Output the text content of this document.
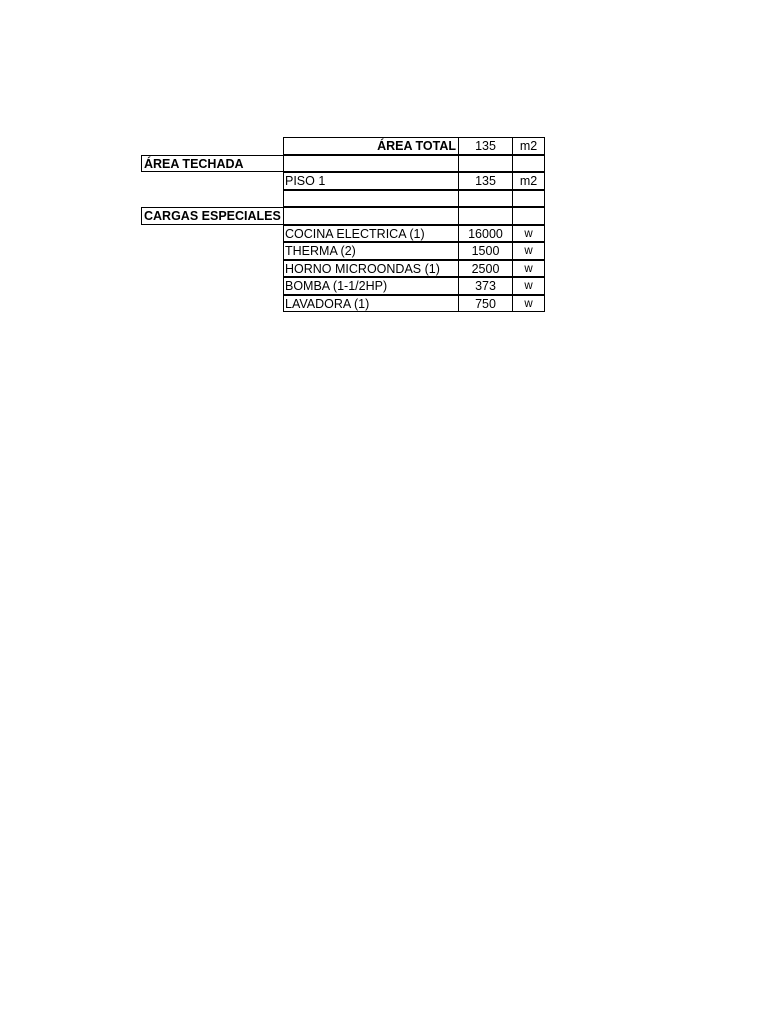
ÁREA TOTAL	135	m2
ÁREA TECHADA
PISO 1	135	m2
CARGAS ESPECIALES
COCINA ELECTRICA (1)	16000	w
THERMA (2)	1500	w
HORNO MICROONDAS (1)	2500	w
BOMBA (1-1/2HP)	373	w
LAVADORA (1)	750	w
